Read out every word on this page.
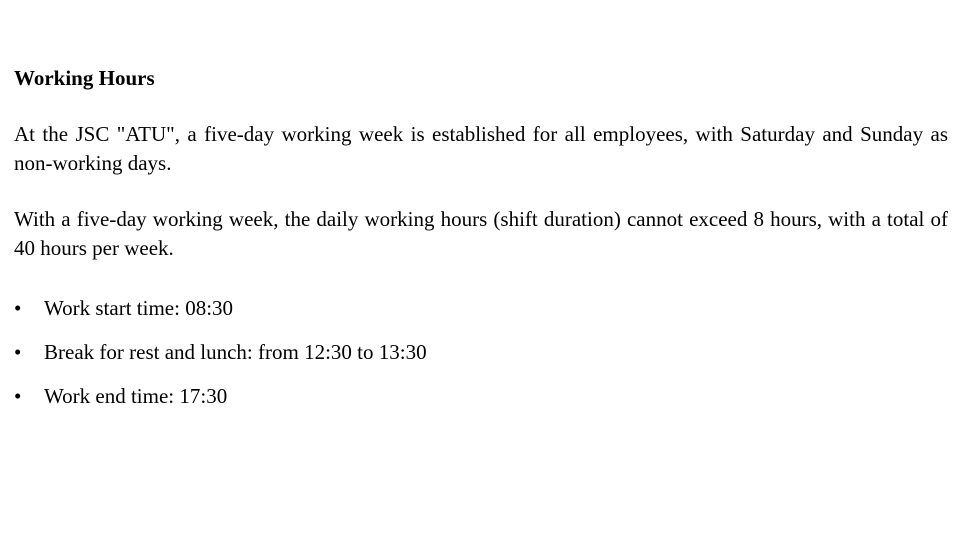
Working Hours

At the JSC "ATU", a five-day working week is established for all employees, with Saturday and Sunday as non-working days.

With a five-day working week, the daily working hours (shift duration) cannot exceed 8 hours, with a total of 40 hours per week.

• Work start time: 08:30
• Break for rest and lunch: from 12:30 to 13:30
• Work end time: 17:30
